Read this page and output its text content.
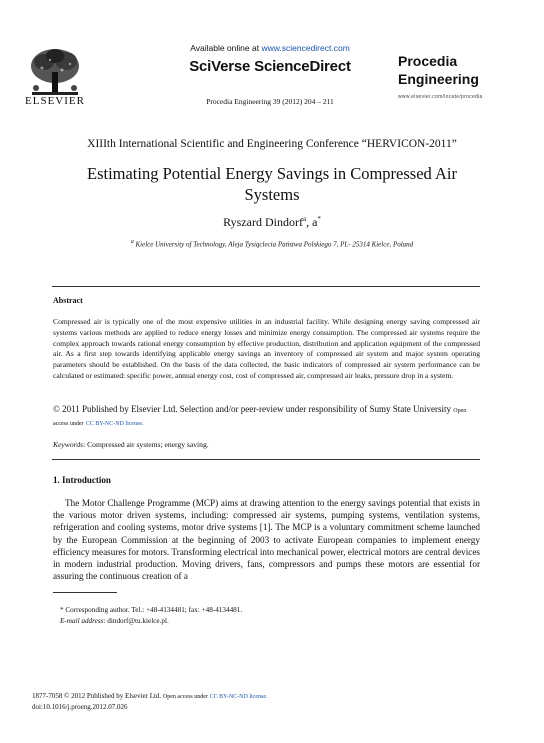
ELSEVIER
Available online at www.sciencedirect.com
SciVerse ScienceDirect
Procedia Engineering 39 (2012) 204 – 211
Procedia
Engineering
www.elsevier.com/locate/procedia
XIIIth International Scientific and Engineering Conference “HERVICON-2011”
Estimating Potential Energy Savings in Compressed Air Systems
Ryszard Dindorf$^a$, a*
$^a$ Kielce University of Technology, Aleja Tysiąclecia Państwa Polskiego 7, PL- 25314 Kielce, Poland
Abstract
Compressed air is typically one of the most expensive utilities in an industrial facility. While designing energy saving compressed air systems various methods are applied to reduce energy losses and minimize energy consumption. The compressed air systems require the complex approach towards rational energy consumption by effective production, distribution and application equipment of the compressed air. As a first step towards identifying applicable energy savings an inventory of compressed air system and major system operating parameters should be established. On the basis of the data collected, the basic indicators of compressed air system performance can be calculated or estimated: specific power, annual energy cost, cost of compressed air, compressed air leaks, pressure drop in a system.
© 2011 Published by Elsevier Ltd. Selection and/or peer-review under responsibility of Sumy State University Open access under CC BY-NC-ND license.
Keywords: Compressed air systems; energy saving.
1. Introduction

The Motor Challenge Programme (MCP) aims at drawing attention to the energy savings potential that exists in the various motor driven systems, including: compressed air systems, pumping systems, ventilation systems, refrigeration and cooling systems, motor drive systems [1]. The MCP is a voluntary commitment scheme launched by the European Commission at the beginning of 2003 to activate European companies to implement energy efficiency measures for motors. Transforming electrical into mechanical power, electrical motors are central devices in modern industrial production. Moving drivers, fans, compressors and pumps these motors are essential for assuring the continuous creation of a

* Corresponding author. Tel.: +48-4134481; fax: +48-4134481.
E-mail address: dindorf@tu.kielce.pl.
1877-7058 © 2012 Published by Elsevier Ltd. Open access under CC BY-NC-ND license.
doi:10.1016/j.proeng.2012.07.026
